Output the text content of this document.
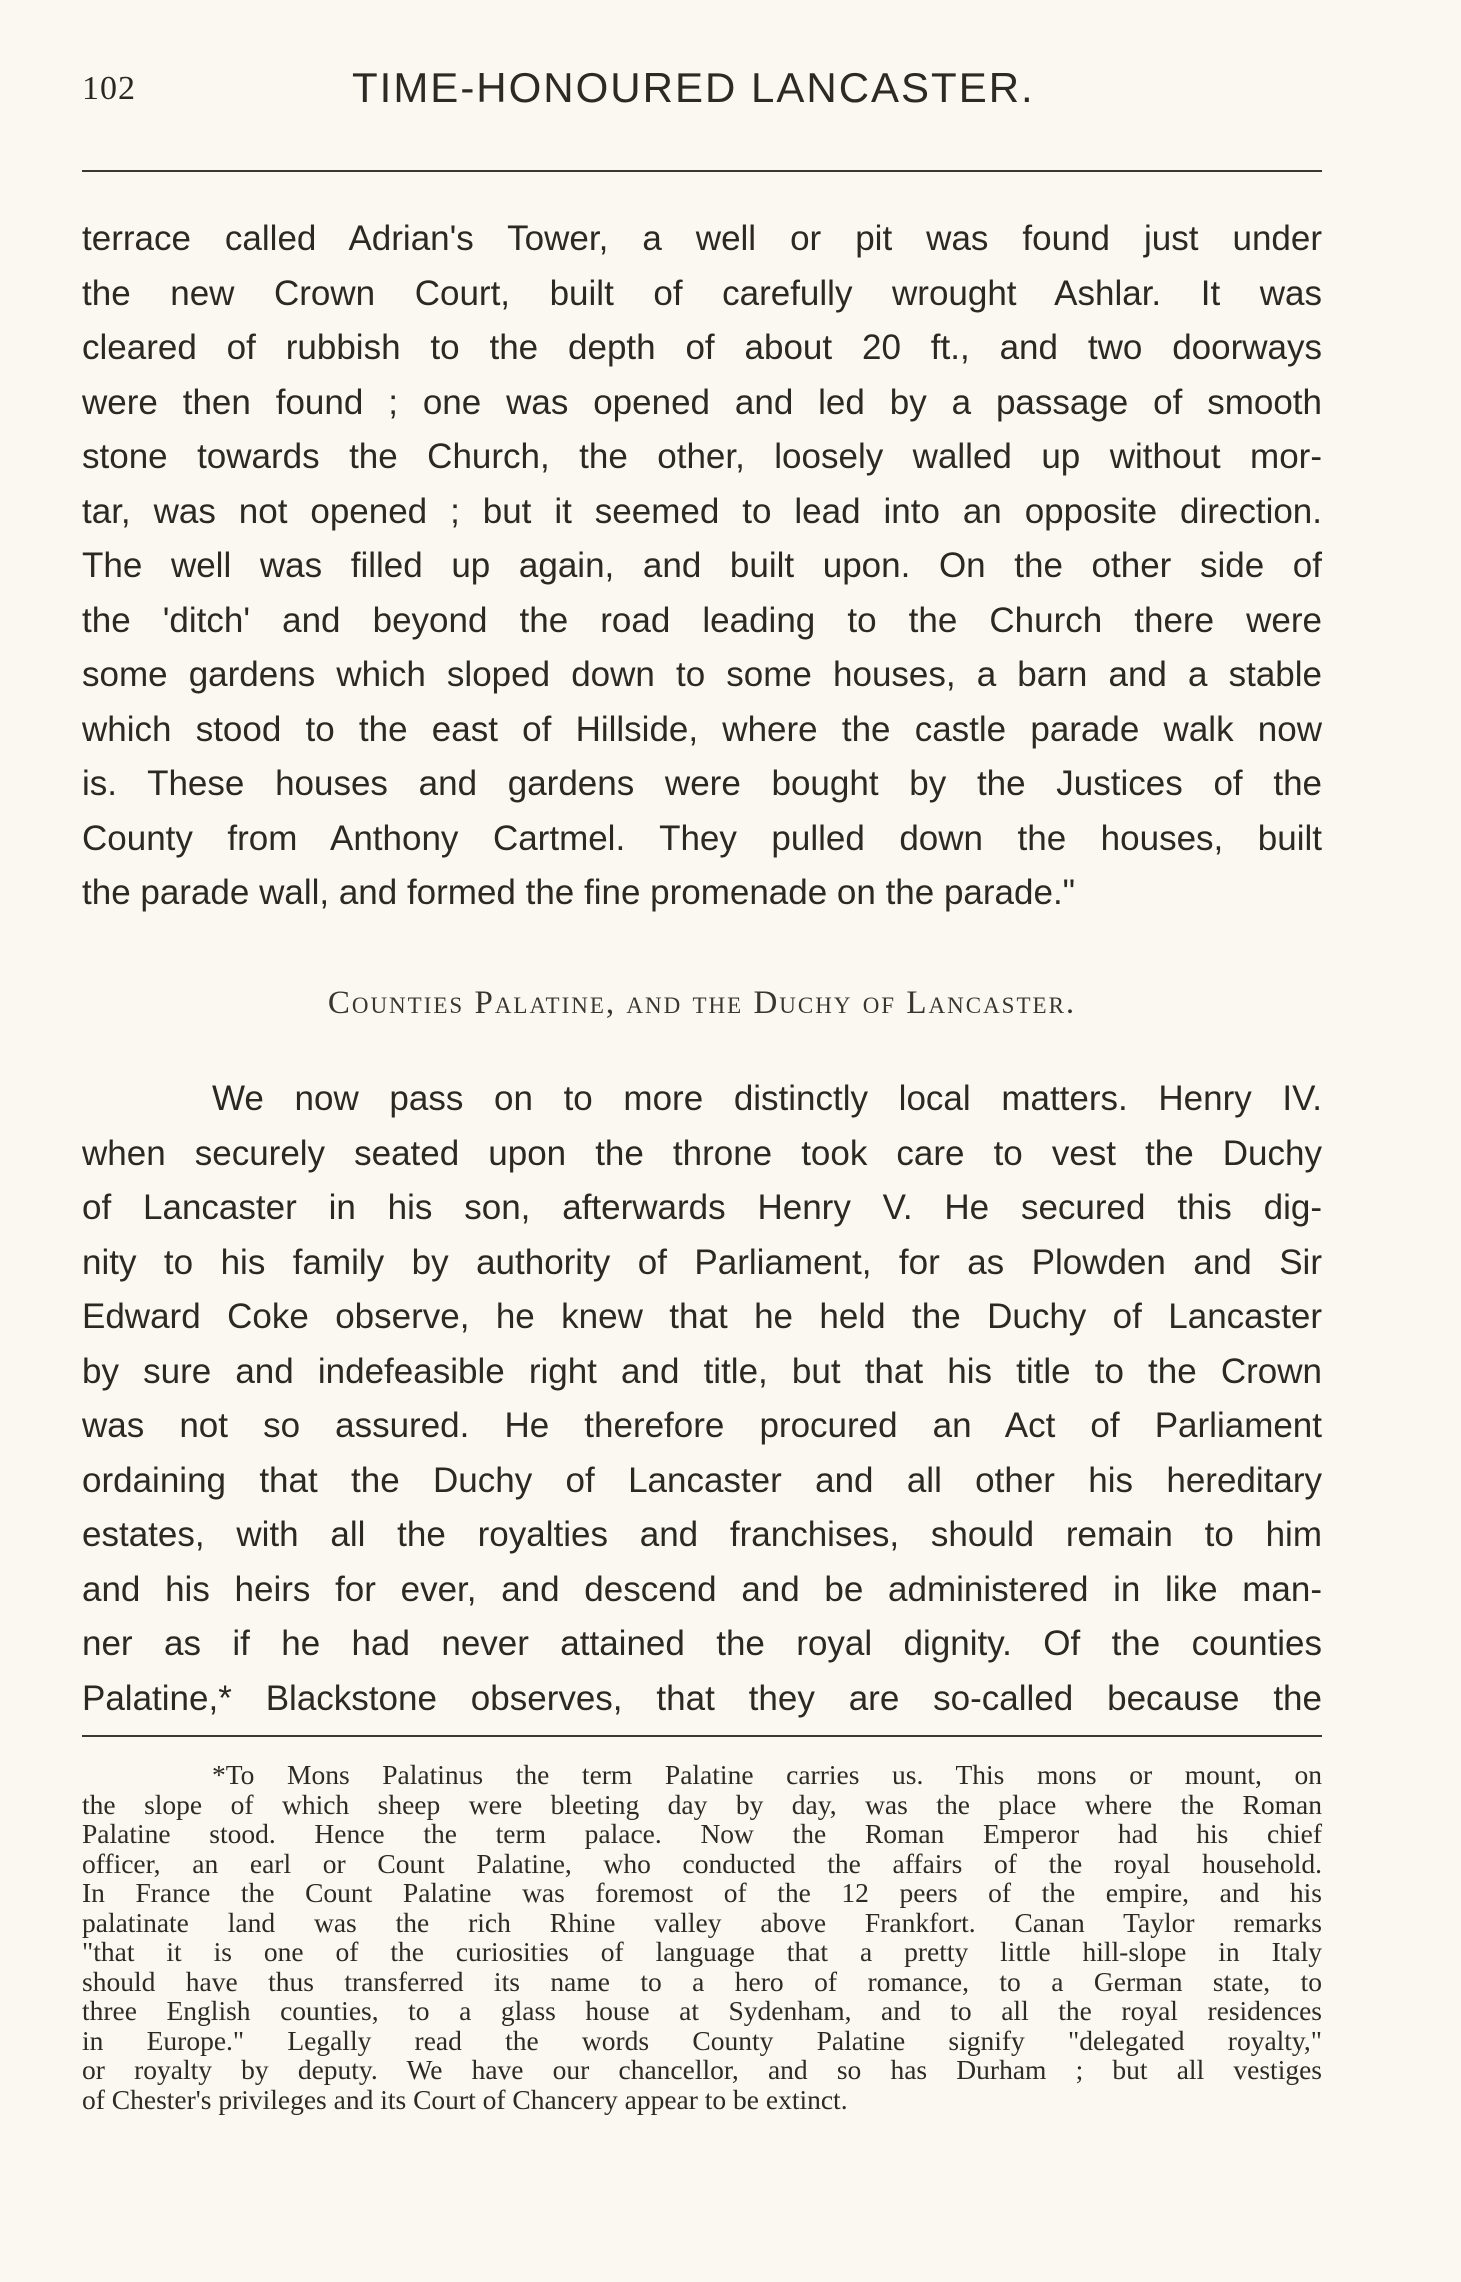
102	TIME-HONOURED LANCASTER.
terrace called Adrian's Tower, a well or pit was found just under
the new Crown Court, built of carefully wrought Ashlar. It was
cleared of rubbish to the depth of about 20 ft., and two doorways
were then found ; one was opened and led by a passage of smooth
stone towards the Church, the other, loosely walled up without mor-
tar, was not opened ; but it seemed to lead into an opposite direction.
The well was filled up again, and built upon. On the other side of
the 'ditch' and beyond the road leading to the Church there were
some gardens which sloped down to some houses, a barn and a stable
which stood to the east of Hillside, where the castle parade walk now
is. These houses and gardens were bought by the Justices of the
County from Anthony Cartmel. They pulled down the houses, built
the parade wall, and formed the fine promenade on the parade."
Counties Palatine, and the Duchy of Lancaster.
We now pass on to more distinctly local matters. Henry IV.
when securely seated upon the throne took care to vest the Duchy
of Lancaster in his son, afterwards Henry V. He secured this dig-
nity to his family by authority of Parliament, for as Plowden and Sir
Edward Coke observe, he knew that he held the Duchy of Lancaster
by sure and indefeasible right and title, but that his title to the Crown
was not so assured. He therefore procured an Act of Parliament
ordaining that the Duchy of Lancaster and all other his hereditary
estates, with all the royalties and franchises, should remain to him
and his heirs for ever, and descend and be administered in like man-
ner as if he had never attained the royal dignity. Of the counties
Palatine,* Blackstone observes, that they are so-called because the
*To Mons Palatinus the term Palatine carries us. This mons or mount, on
the slope of which sheep were bleeting day by day, was the place where the Roman
Palatine stood. Hence the term palace. Now the Roman Emperor had his chief
officer, an earl or Count Palatine, who conducted the affairs of the royal household.
In France the Count Palatine was foremost of the 12 peers of the empire, and his
palatinate land was the rich Rhine valley above Frankfort. Canan Taylor remarks
"that it is one of the curiosities of language that a pretty little hill-slope in Italy
should have thus transferred its name to a hero of romance, to a German state, to
three English counties, to a glass house at Sydenham, and to all the royal residences
in Europe." Legally read the words County Palatine signify "delegated royalty,"
or royalty by deputy. We have our chancellor, and so has Durham ; but all vestiges
of Chester's privileges and its Court of Chancery appear to be extinct.
